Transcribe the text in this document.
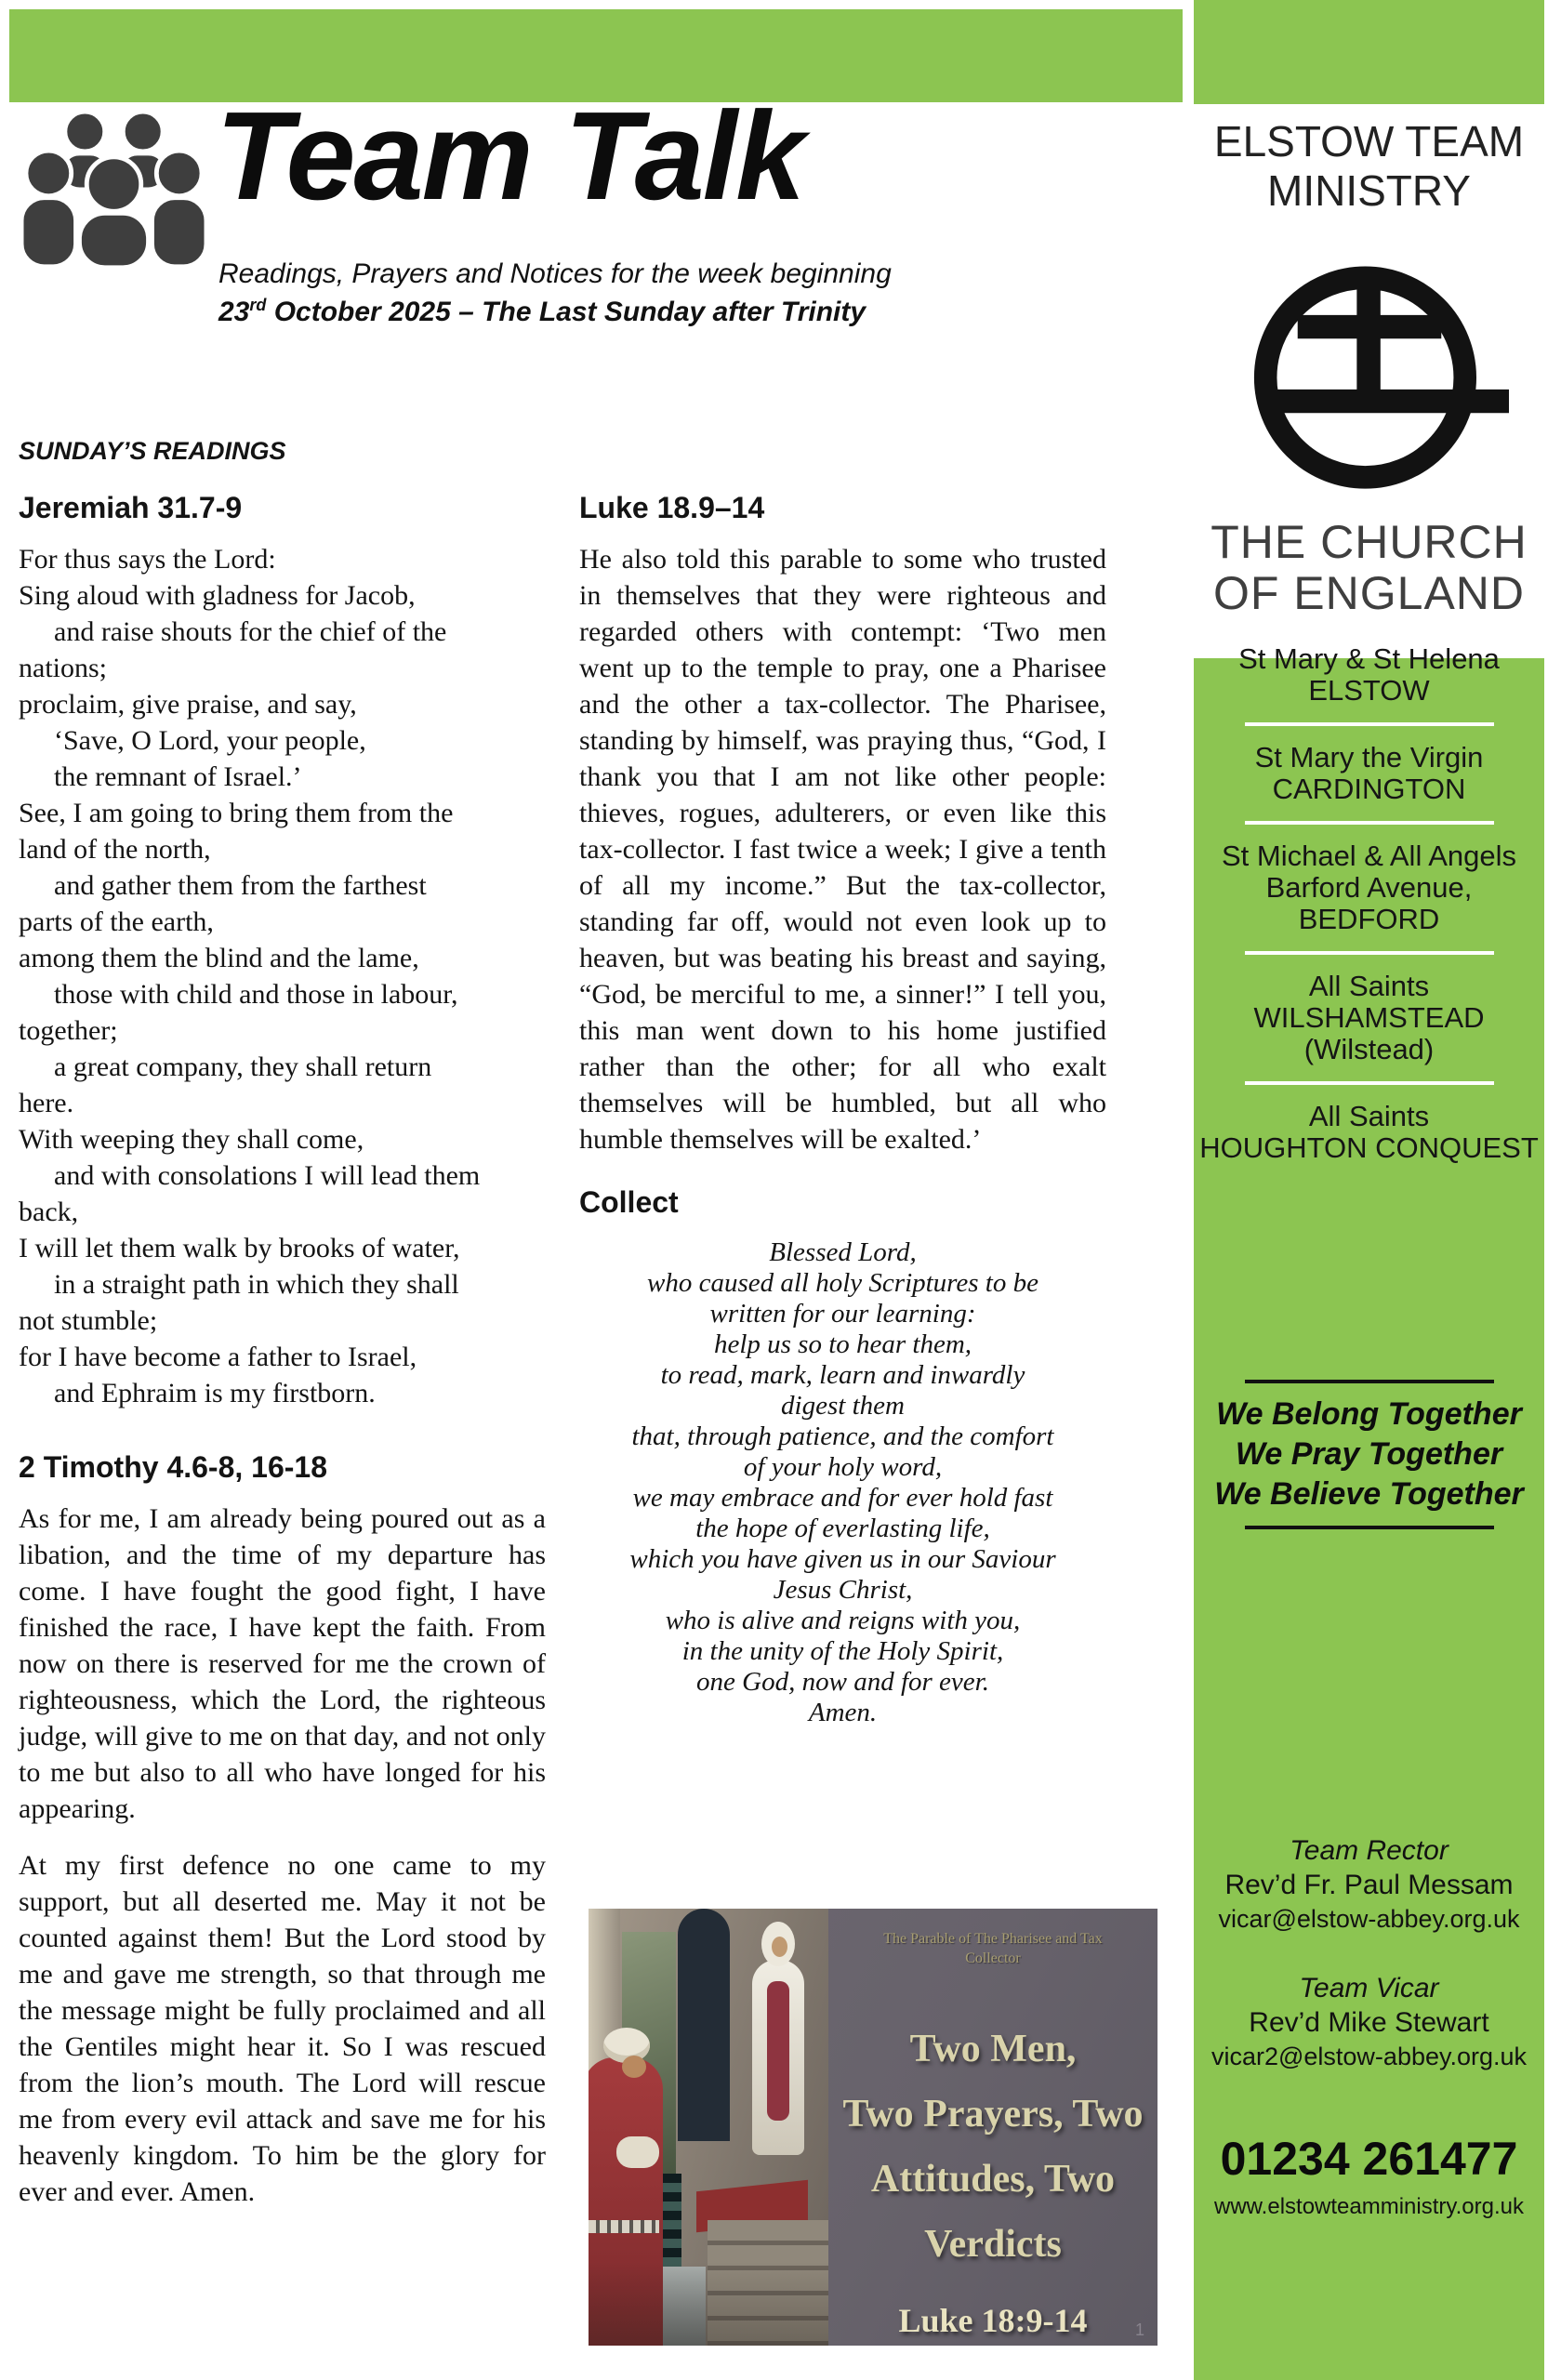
Team Talk
Readings, Prayers and Notices for the week beginning
23rd October 2025 – The Last Sunday after Trinity
SUNDAY’S READINGS
Jeremiah 31.7-9
For thus says the Lord:
Sing aloud with gladness for Jacob,
and raise shouts for the chief of the
nations;
proclaim, give praise, and say,
‘Save, O Lord, your people,
the remnant of Israel.’
See, I am going to bring them from the
land of the north,
and gather them from the farthest
parts of the earth,
among them the blind and the lame,
those with child and those in labour,
together;
a great company, they shall return
here.
With weeping they shall come,
and with consolations I will lead them
back,
I will let them walk by brooks of water,
in a straight path in which they shall
not stumble;
for I have become a father to Israel,
and Ephraim is my firstborn.
2 Timothy 4.6-8, 16-18

As for me, I am already being poured out as a libation, and the time of my departure has come. I have fought the good fight, I have finished the race, I have kept the faith. From now on there is reserved for me the crown of righteousness, which the Lord, the righteous judge, will give to me on that day, and not only to me but also to all who have longed for his appearing.

At my first defence no one came to my support, but all deserted me. May it not be counted against them! But the Lord stood by me and gave me strength, so that through me the message might be fully proclaimed and all the Gentiles might hear it. So I was rescued from the lion’s mouth. The Lord will rescue me from every evil attack and save me for his heavenly kingdom. To him be the glory for ever and ever. Amen.

Luke 18.9–14

He also told this parable to some who trusted in themselves that they were righteous and regarded others with contempt: ‘Two men went up to the temple to pray, one a Pharisee and the other a tax-collector. The Pharisee, standing by himself, was praying thus, “God, I thank you that I am not like other people: thieves, rogues, adulterers, or even like this tax-collector. I fast twice a week; I give a tenth of all my income.” But the tax-collector, standing far off, would not even look up to heaven, but was beating his breast and saying, “God, be merciful to me, a sinner!” I tell you, this man went down to his home justified rather than the other; for all who exalt themselves will be humbled, but all who humble themselves will be exalted.’

Collect
Blessed Lord,
who caused all holy Scriptures to be
written for our learning:
help us so to hear them,
to read, mark, learn and inwardly
digest them
that, through patience, and the comfort
of your holy word,
we may embrace and for ever hold fast
the hope of everlasting life,
which you have given us in our Saviour
Jesus Christ,
who is alive and reigns with you,
in the unity of the Holy Spirit,
one God, now and for ever.
Amen.
The Parable of The Pharisee and Tax
Collector
Two Men,
Two Prayers, Two
Attitudes, Two
Verdicts
Luke 18:9-14	1
ELSTOW TEAM
MINISTRY
THE CHURCH
OF ENGLAND
St Mary & St Helena
ELSTOW
St Mary the Virgin
CARDINGTON
St Michael & All Angels
Barford Avenue, BEDFORD
All Saints
WILSHAMSTEAD (Wilstead)
All Saints
HOUGHTON CONQUEST
We Belong Together
We Pray Together
We Believe Together
Team Rector
Rev’d Fr. Paul Messam
vicar@elstow-abbey.org.uk
Team Vicar
Rev’d Mike Stewart
vicar2@elstow-abbey.org.uk
01234 261477
www.elstowteamministry.org.uk
